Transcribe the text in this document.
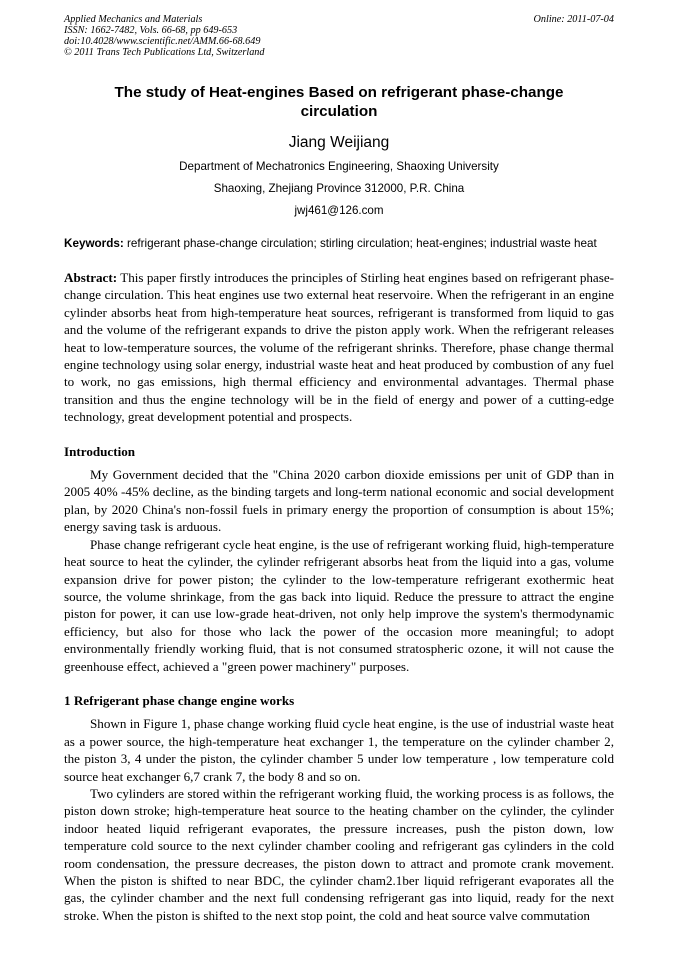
Applied Mechanics and Materials
ISSN: 1662-7482, Vols. 66-68, pp 649-653
doi:10.4028/www.scientific.net/AMM.66-68.649
© 2011 Trans Tech Publications Ltd, Switzerland
Online: 2011-07-04
The study of Heat-engines Based on refrigerant phase-change circulation
Jiang Weijiang
Department of Mechatronics Engineering, Shaoxing University
Shaoxing, Zhejiang Province 312000, P.R. China
jwj461@126.com
Keywords: refrigerant phase-change circulation; stirling circulation; heat-engines; industrial waste heat

Abstract: This paper firstly introduces the principles of Stirling heat engines based on refrigerant phase-change circulation. This heat engines use two external heat reservoire. When the refrigerant in an engine cylinder absorbs heat from high-temperature heat sources, refrigerant is transformed from liquid to gas and the volume of the refrigerant expands to drive the piston apply work. When the refrigerant releases heat to low-temperature sources, the volume of the refrigerant shrinks. Therefore, phase change thermal engine technology using solar energy, industrial waste heat and heat produced by combustion of any fuel to work, no gas emissions, high thermal efficiency and environmental advantages. Thermal phase transition and thus the engine technology will be in the field of energy and power of a cutting-edge technology, great development potential and prospects.

Introduction

My Government decided that the "China 2020 carbon dioxide emissions per unit of GDP than in 2005 40% -45% decline, as the binding targets and long-term national economic and social development plan, by 2020 China's non-fossil fuels in primary energy the proportion of consumption is about 15%; energy saving task is arduous.

Phase change refrigerant cycle heat engine, is the use of refrigerant working fluid, high-temperature heat source to heat the cylinder, the cylinder refrigerant absorbs heat from the liquid into a gas, volume expansion drive for power piston; the cylinder to the low-temperature refrigerant exothermic heat source, the volume shrinkage, from the gas back into liquid. Reduce the pressure to attract the engine piston for power, it can use low-grade heat-driven, not only help improve the system's thermodynamic efficiency, but also for those who lack the power of the occasion more meaningful; to adopt environmentally friendly working fluid, that is not consumed stratospheric ozone, it will not cause the greenhouse effect, achieved a "green power machinery" purposes.

1 Refrigerant phase change engine works

Shown in Figure 1, phase change working fluid cycle heat engine, is the use of industrial waste heat as a power source, the high-temperature heat exchanger 1, the temperature on the cylinder chamber 2, the piston 3, 4 under the piston, the cylinder chamber 5 under low temperature , low temperature cold source heat exchanger 6,7 crank 7, the body 8 and so on.

Two cylinders are stored within the refrigerant working fluid, the working process is as follows, the piston down stroke; high-temperature heat source to the heating chamber on the cylinder, the cylinder indoor heated liquid refrigerant evaporates, the pressure increases, push the piston down, low temperature cold source to the next cylinder chamber cooling and refrigerant gas cylinders in the cold room condensation, the pressure decreases, the piston down to attract and promote crank movement. When the piston is shifted to near BDC, the cylinder cham2.1ber liquid refrigerant evaporates all the gas, the cylinder chamber and the next full condensing refrigerant gas into liquid, ready for the next stroke. When the piston is shifted to the next stop point, the cold and heat source valve commutation
